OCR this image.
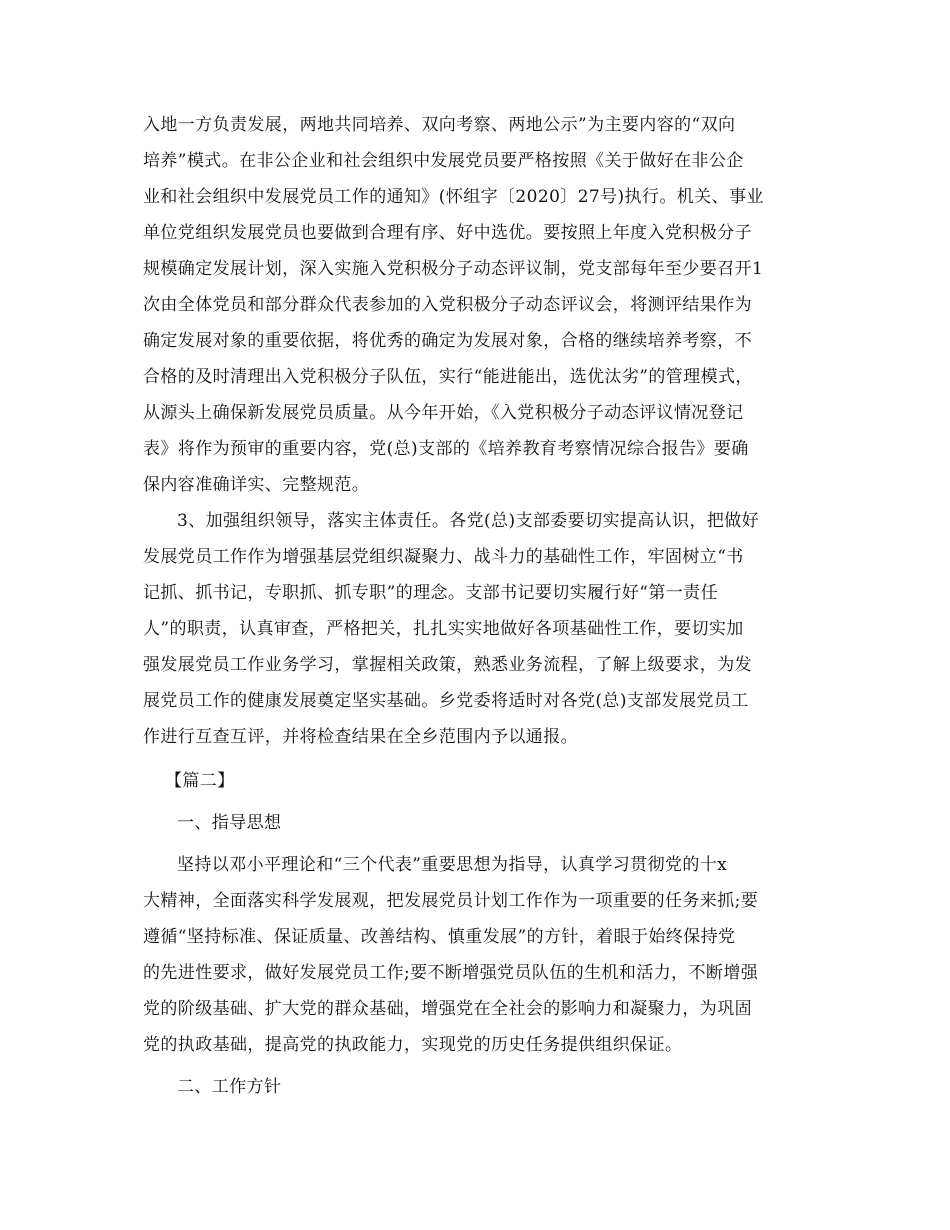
入地一方负责发展，两地共同培养、双向考察、两地公示”为主要内容的“双向
培养”模式。在非公企业和社会组织中发展党员要严格按照《关于做好在非公企
业和社会组织中发展党员工作的通知》(怀组字〔2020〕27号)执行。机关、事业
单位党组织发展党员也要做到合理有序、好中选优。要按照上年度入党积极分子
规模确定发展计划，深入实施入党积极分子动态评议制，党支部每年至少要召开1
次由全体党员和部分群众代表参加的入党积极分子动态评议会，将测评结果作为
确定发展对象的重要依据，将优秀的确定为发展对象，合格的继续培养考察，不
合格的及时清理出入党积极分子队伍，实行“能进能出，选优汰劣”的管理模式，
从源头上确保新发展党员质量。从今年开始，《入党积极分子动态评议情况登记
表》将作为预审的重要内容，党(总)支部的《培养教育考察情况综合报告》要确
保内容准确详实、完整规范。
3、加强组织领导，落实主体责任。各党(总)支部委要切实提高认识，把做好
发展党员工作作为增强基层党组织凝聚力、战斗力的基础性工作，牢固树立“书
记抓、抓书记，专职抓、抓专职”的理念。支部书记要切实履行好“第一责任
人”的职责，认真审查，严格把关，扎扎实实地做好各项基础性工作，要切实加
强发展党员工作业务学习，掌握相关政策，熟悉业务流程，了解上级要求，为发
展党员工作的健康发展奠定坚实基础。乡党委将适时对各党(总)支部发展党员工
作进行互查互评，并将检查结果在全乡范围内予以通报。
【篇二】
一、指导思想
坚持以邓小平理论和“三个代表”重要思想为指导，认真学习贯彻党的十x
大精神，全面落实科学发展观，把发展党员计划工作作为一项重要的任务来抓;要
遵循“坚持标准、保证质量、改善结构、慎重发展”的方针，着眼于始终保持党
的先进性要求，做好发展党员工作;要不断增强党员队伍的生机和活力，不断增强
党的阶级基础、扩大党的群众基础，增强党在全社会的影响力和凝聚力，为巩固
党的执政基础，提高党的执政能力，实现党的历史任务提供组织保证。
二、工作方针
